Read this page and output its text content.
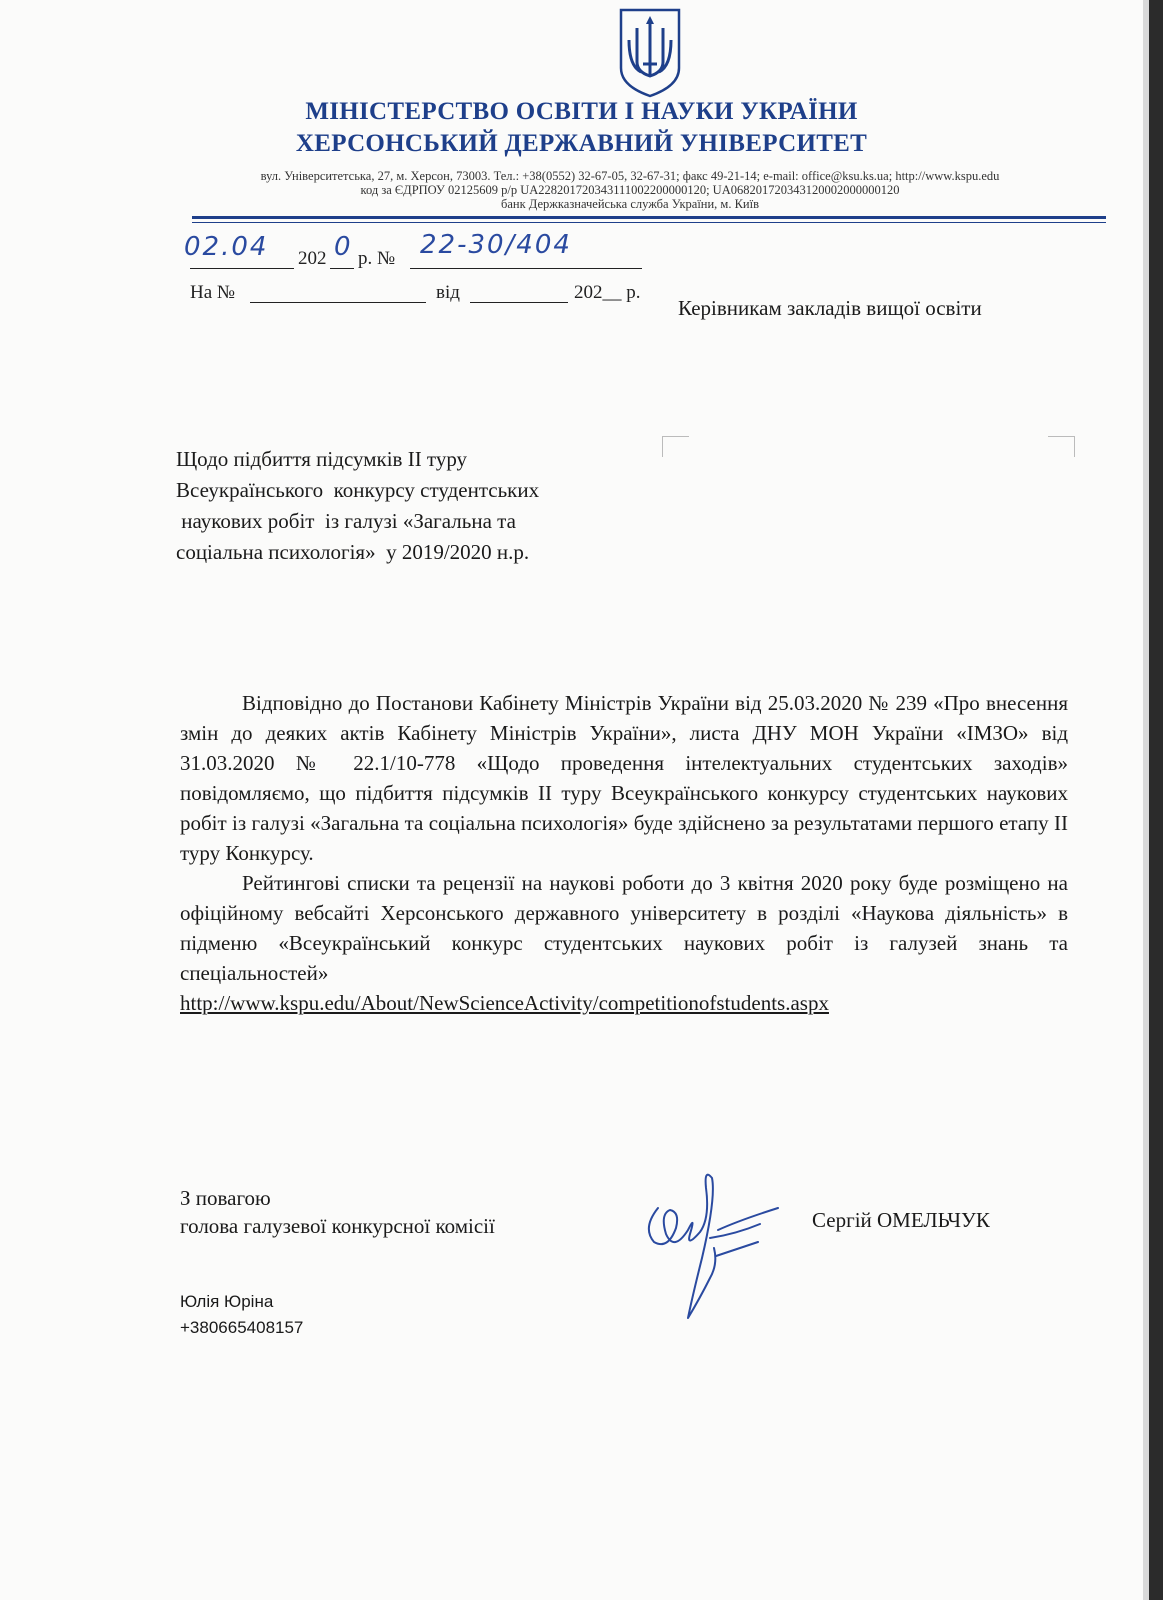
МІНІСТЕРСТВО ОСВІТИ І НАУКИ УКРАЇНИ
ХЕРСОНСЬКИЙ ДЕРЖАВНИЙ УНІВЕРСИТЕТ
вул. Університетська, 27, м. Херсон, 73003. Тел.: +38(0552) 32-67-05, 32-67-31; факс 49-21-14; e-mail: office@ksu.ks.ua; http://www.kspu.edu
код за ЄДРПОУ 02125609 р/р UA228201720343111002200000120; UA068201720343120002000000120
банк Держказначейська служба України, м. Київ
02.04 202 0 р. № 22-30/404
На №	від	202__ р.
Керівникам закладів вищої освіти
Щодо підбиття підсумків ІІ туру
Всеукраїнського  конкурсу студентських
наукових робіт  із галузі «Загальна та
соціальна психологія»  у 2019/2020 н.р.

Відповідно до Постанови Кабінету Міністрів України від 25.03.2020 № 239 «Про внесення змін до деяких актів Кабінету Міністрів України», листа ДНУ МОН України «ІМЗО» від 31.03.2020 № 22.1/10-778 «Щодо проведення інтелектуальних студентських заходів» повідомляємо, що підбиття підсумків ІІ туру Всеукраїнського конкурсу студентських наукових робіт із галузі «Загальна та соціальна психологія» буде здійснено за результатами першого етапу ІІ туру Конкурсу.

Рейтингові списки та рецензії на наукові роботи до 3 квітня 2020 року буде розміщено на офіційному вебсайті Херсонського державного університету в розділі «Наукова діяльність» в підменю «Всеукраїнський конкурс студентських наукових робіт із галузей знань та спеціальностей»

http://www.kspu.edu/About/NewScienceActivity/competitionofstudents.aspx

З повагою
голова галузевої конкурсної комісії	Сергій ОМЕЛЬЧУК
Юлія Юріна
+380665408157
